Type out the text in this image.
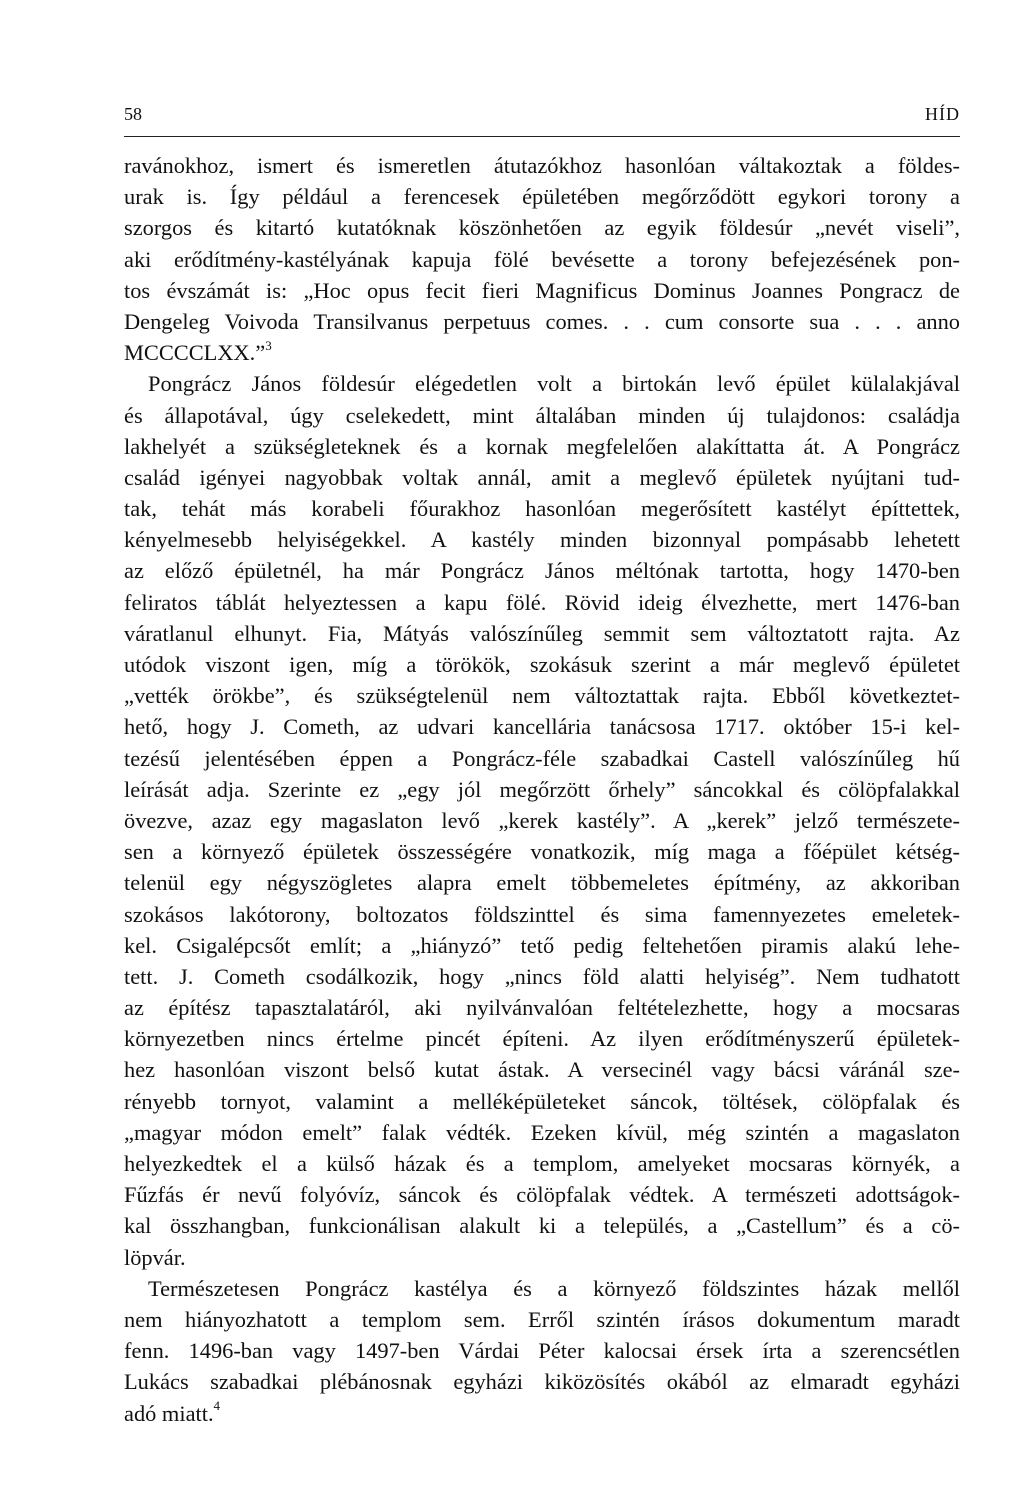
58	HÍD
ravánokhoz, ismert és ismeretlen átutazókhoz hasonlóan váltakoztak a földes-
urak is. Így például a ferencesek épületében megőrződött egykori torony a
szorgos és kitartó kutatóknak köszönhetően az egyik földesúr „nevét viseli”,
aki erődítmény-kastélyának kapuja fölé bevésette a torony befejezésének pon-
tos évszámát is: „Hoc opus fecit fieri Magnificus Dominus Joannes Pongracz de
Dengeleg Voivoda Transilvanus perpetuus comes. . . cum consorte sua . . . anno
MCCCCLXX.”$^3$
Pongrácz János földesúr elégedetlen volt a birtokán levő épület külalakjával
és állapotával, úgy cselekedett, mint általában minden új tulajdonos: családja
lakhelyét a szükségleteknek és a kornak megfelelően alakíttatta át. A Pongrácz
család igényei nagyobbak voltak annál, amit a meglevő épületek nyújtani tud-
tak, tehát más korabeli főurakhoz hasonlóan megerősített kastélyt építtettek,
kényelmesebb helyiségekkel. A kastély minden bizonnyal pompásabb lehetett
az előző épületnél, ha már Pongrácz János méltónak tartotta, hogy 1470-ben
feliratos táblát helyeztessen a kapu fölé. Rövid ideig élvezhette, mert 1476-ban
váratlanul elhunyt. Fia, Mátyás valószínűleg semmit sem változtatott rajta. Az
utódok viszont igen, míg a törökök, szokásuk szerint a már meglevő épületet
„vették örökbe”, és szükségtelenül nem változtattak rajta. Ebből következtet-
hető, hogy J. Cometh, az udvari kancellária tanácsosa 1717. október 15-i kel-
tezésű jelentésében éppen a Pongrácz-féle szabadkai Castell valószínűleg hű
leírását adja. Szerinte ez „egy jól megőrzött őrhely” sáncokkal és cölöpfalakkal
övezve, azaz egy magaslaton levő „kerek kastély”. A „kerek” jelző természete-
sen a környező épületek összességére vonatkozik, míg maga a főépület kétség-
telenül egy négyszögletes alapra emelt többemeletes építmény, az akkoriban
szokásos lakótorony, boltozatos földszinttel és sima famennyezetes emeletek-
kel. Csigalépcsőt említ; a „hiányzó” tető pedig feltehetően piramis alakú lehe-
tett. J. Cometh csodálkozik, hogy „nincs föld alatti helyiség”. Nem tudhatott
az építész tapasztalatáról, aki nyilvánvalóan feltételezhette, hogy a mocsaras
környezetben nincs értelme pincét építeni. Az ilyen erődítményszerű épületek-
hez hasonlóan viszont belső kutat ástak. A versecinél vagy bácsi váránál sze-
rényebb tornyot, valamint a melléképületeket sáncok, töltések, cölöpfalak és
„magyar módon emelt” falak védték. Ezeken kívül, még szintén a magaslaton
helyezkedtek el a külső házak és a templom, amelyeket mocsaras környék, a
Fűzfás ér nevű folyóvíz, sáncok és cölöpfalak védtek. A természeti adottságok-
kal összhangban, funkcionálisan alakult ki a település, a „Castellum” és a cö-
löpvár.
Természetesen Pongrácz kastélya és a környező földszintes házak mellől
nem hiányozhatott a templom sem. Erről szintén írásos dokumentum maradt
fenn. 1496-ban vagy 1497-ben Várdai Péter kalocsai érsek írta a szerencsétlen
Lukács szabadkai plébánosnak egyházi kiközösítés okából az elmaradt egyházi
adó miatt.$^4$
